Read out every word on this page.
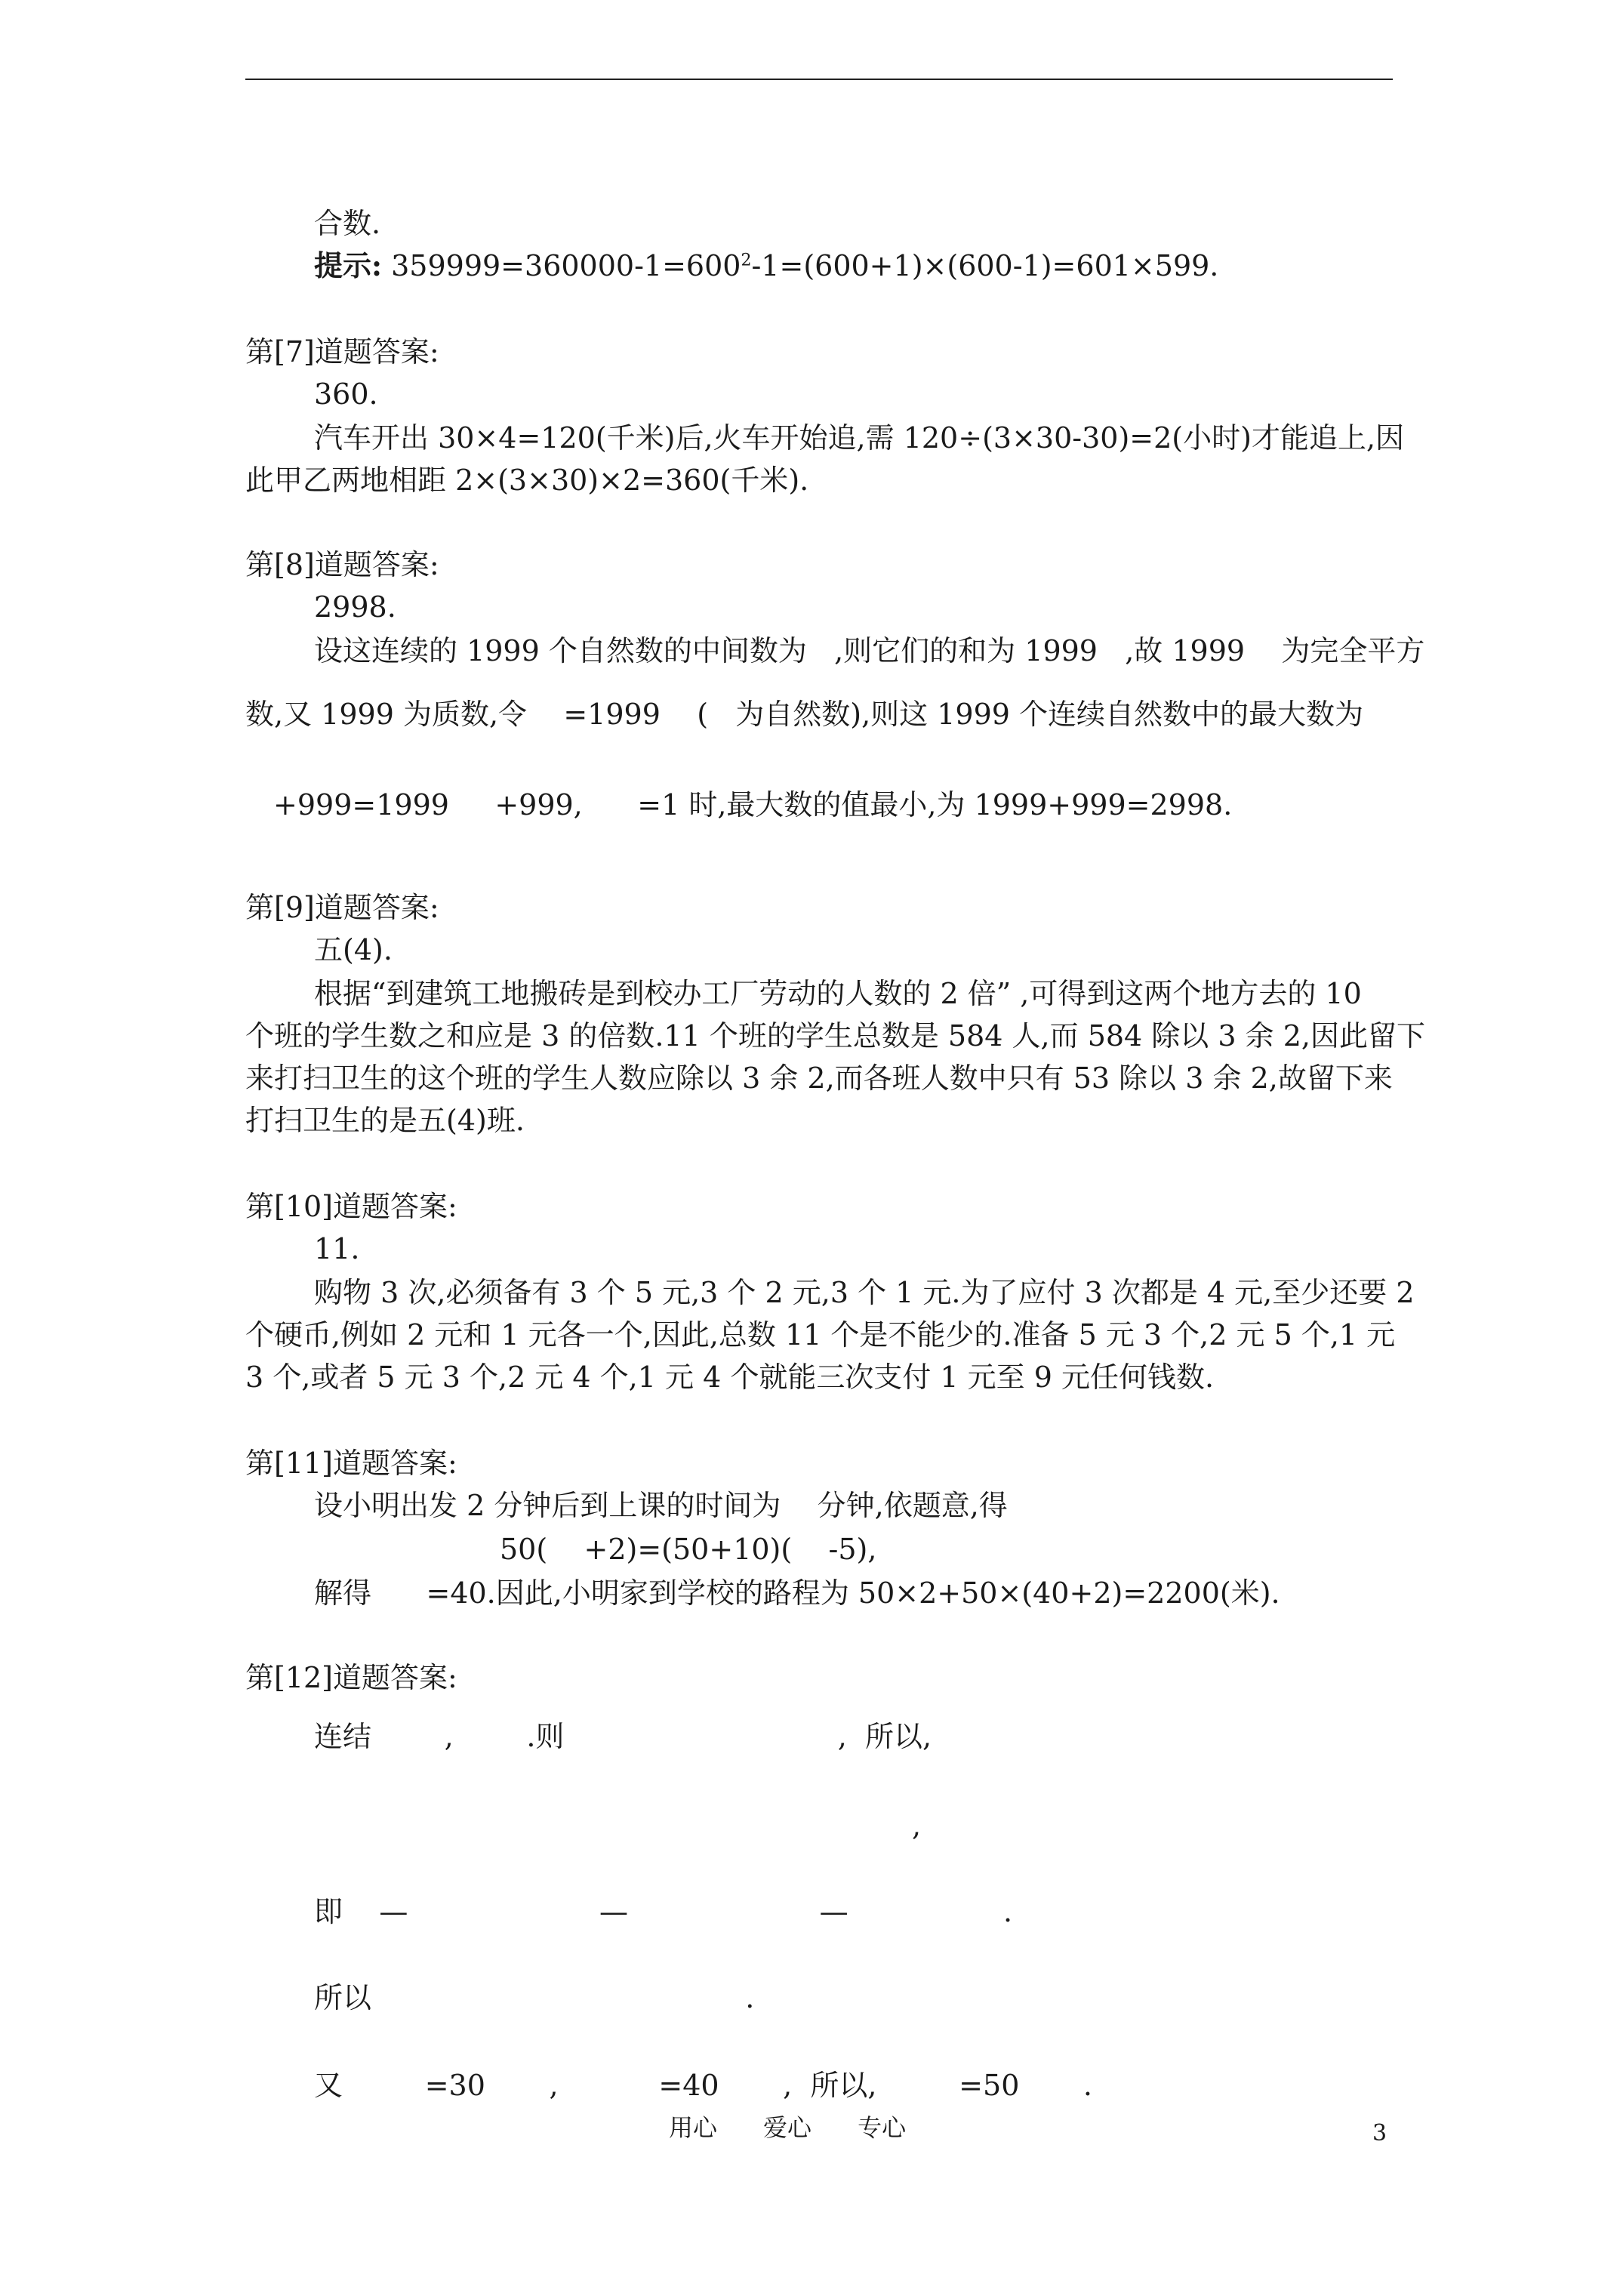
合数.
提示: $359999=360000-1=600^2-1=(600+1)\times(600-1)=601\times 599$.
第[7]道题答案:
360.
汽车开出 30×4=120(千米)后,火车开始追,需 120÷(3×30-30)=2(小时)才能追上,因
此甲乙两地相距 2×(3×30)×2=360(千米).
第[8]道题答案:
2998.
设这连续的 1999 个自然数的中间数为   ,则它们的和为 1999   ,故 1999    为完全平方
数,又 1999 为质数,令    =1999    (   为自然数),则这 1999 个连续自然数中的最大数为
+999=1999     +999,      =1 时,最大数的值最小,为 1999+999=2998.
第[9]道题答案:
五(4).
根据“到建筑工地搬砖是到校办工厂劳动的人数的 2 倍” ,可得到这两个地方去的 10
个班的学生数之和应是 3 的倍数.11 个班的学生总数是 584 人,而 584 除以 3 余 2,因此留下
来打扫卫生的这个班的学生人数应除以 3 余 2,而各班人数中只有 53 除以 3 余 2,故留下来
打扫卫生的是五(4)班.
第[10]道题答案:
11.
购物 3 次,必须备有 3 个 5 元,3 个 2 元,3 个 1 元.为了应付 3 次都是 4 元,至少还要 2
个硬币,例如 2 元和 1 元各一个,因此,总数 11 个是不能少的.准备 5 元 3 个,2 元 5 个,1 元
3 个,或者 5 元 3 个,2 元 4 个,1 元 4 个就能三次支付 1 元至 9 元任何钱数.
第[11]道题答案:
设小明出发 2 分钟后到上课的时间为    分钟,依题意,得
50(    +2)=(50+10)(    -5),
解得      =40.因此,小明家到学校的路程为 50×2+50×(40+2)=2200(米).
第[12]道题答案:
连结        ,        .则                              ,  所以,
,
即    —                     —                     —                 .
所以                                         .
又         =30       ,           =40       ,  所以,         =50       .
用心      爱心      专心	3
